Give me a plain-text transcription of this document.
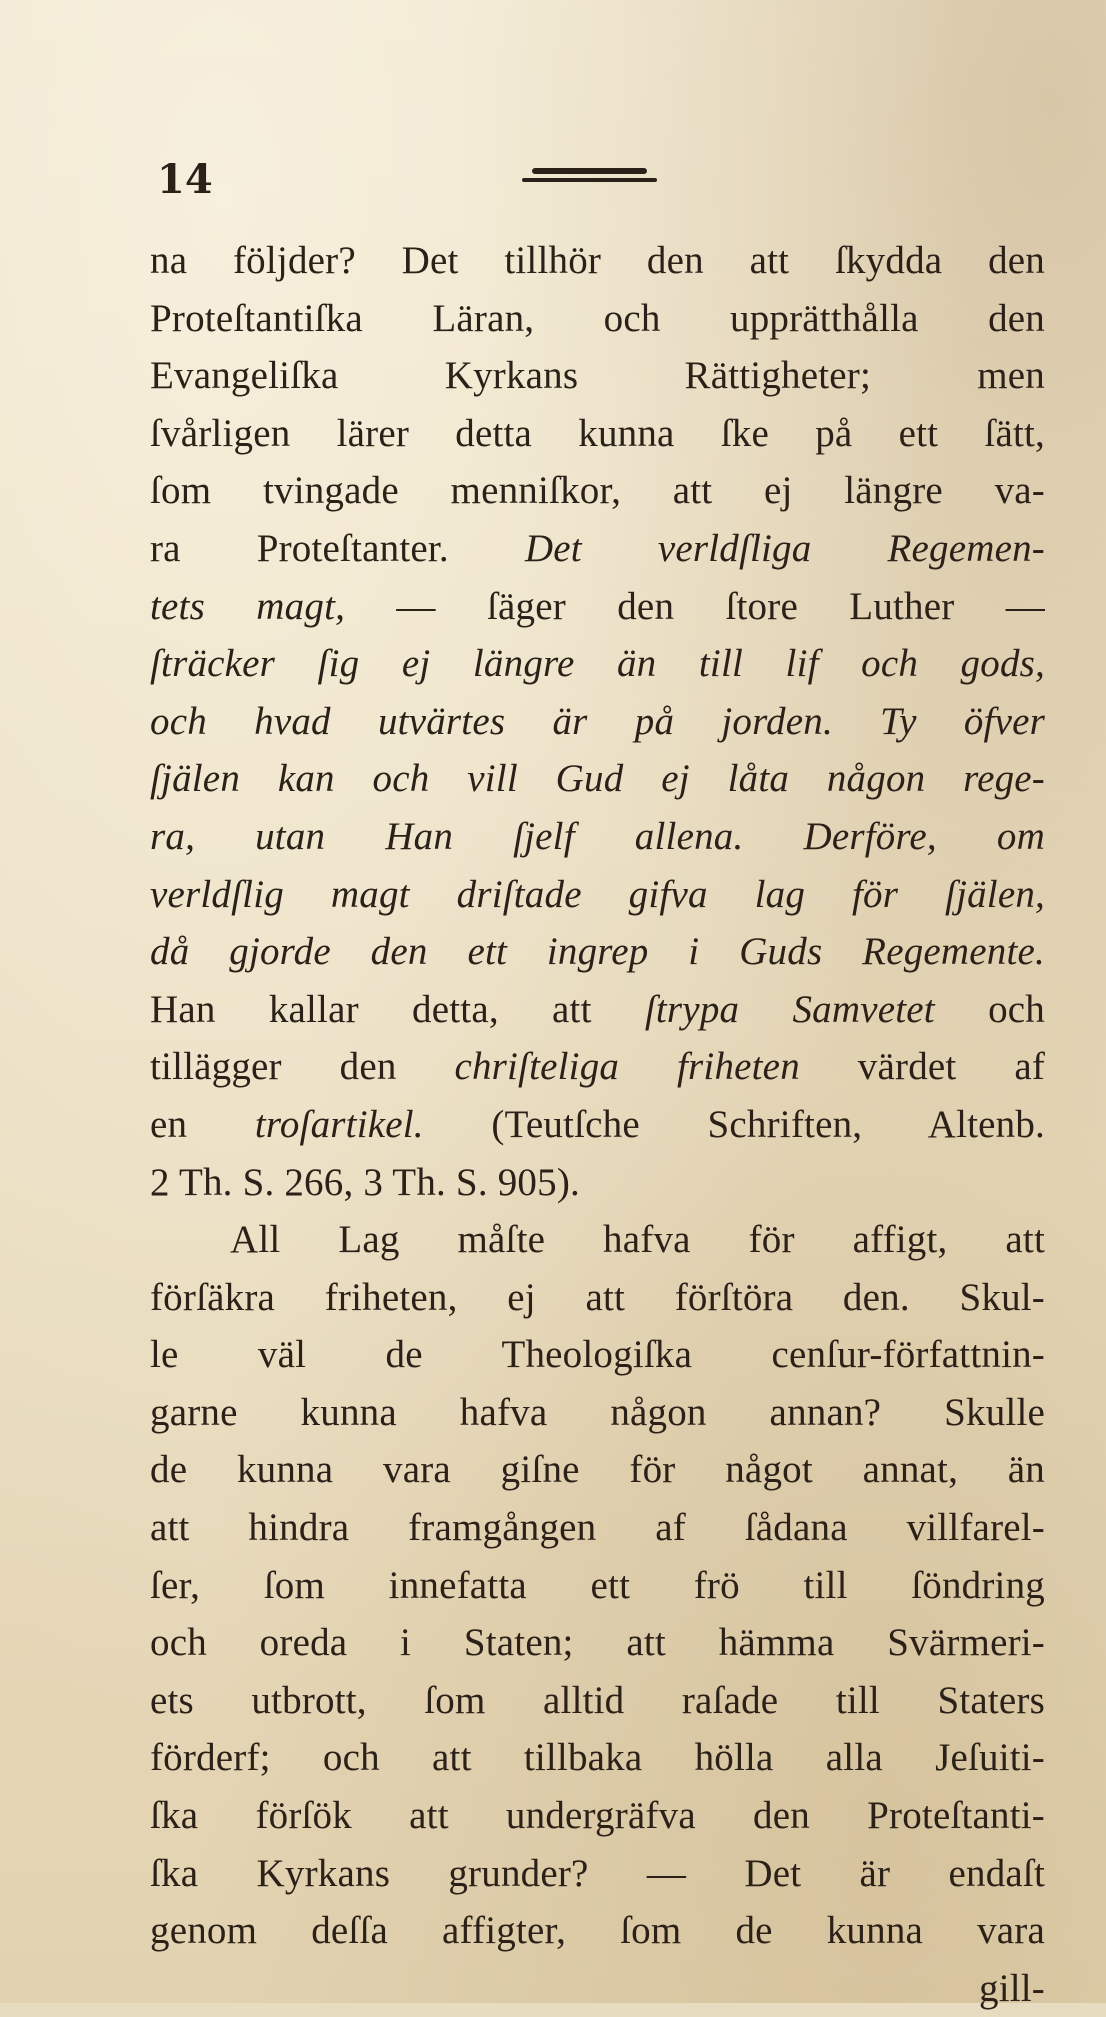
14
na följder? Det tillhör den att ſkydda den
Proteſtantiſka Läran, och upprätthålla den
Evangeliſka Kyrkans Rättigheter; men
ſvårligen lärer detta kunna ſke på ett ſätt,
ſom tvingade menniſkor, att ej längre va-
ra Proteſtanter. Det verldſliga Regemen-
tets magt, — ſäger den ſtore Luther —
ſträcker ſig ej längre än till lif och gods,
och hvad utvärtes är på jorden. Ty öfver
ſjälen kan och vill Gud ej låta någon rege-
ra, utan Han ſjelf allena. Derföre, om
verldſlig magt driſtade gifva lag för ſjälen,
då gjorde den ett ingrep i Guds Regemente.
Han kallar detta, att ſtrypa Samvetet och
tillägger den chriſteliga friheten värdet af
en troſartikel. (Teutſche Schriften, Altenb.
2 Th. S. 266, 3 Th. S. 905).
All Lag måſte hafva för affigt, att
förſäkra friheten, ej att förſtöra den. Skul-
le väl de Theologiſka cenſur-författnin-
garne kunna hafva någon annan? Skulle
de kunna vara giſne för något annat, än
att hindra framgången af ſådana villfarel-
ſer, ſom innefatta ett frö till ſöndring
och oreda i Staten; att hämma Svärmeri-
ets utbrott, ſom alltid raſade till Staters
förderf; och att tillbaka hölla alla Jeſuiti-
ſka förſök att undergräfva den Proteſtanti-
ſka Kyrkans grunder? — Det är endaſt
genom deſſa affigter, ſom de kunna vara
gill-
